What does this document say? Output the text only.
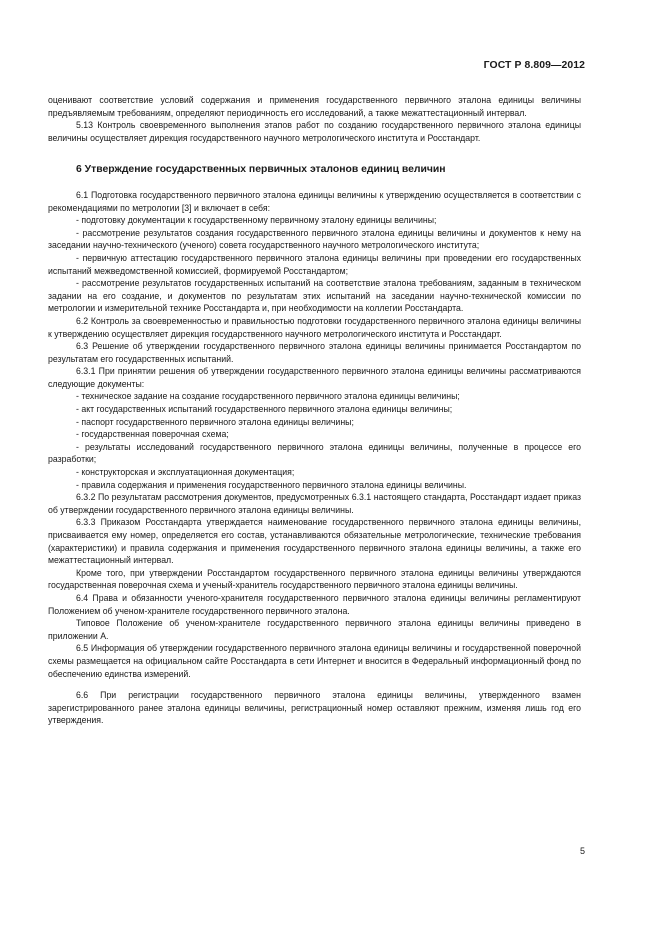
ГОСТ Р 8.809—2012

оценивают соответствие условий содержания и применения государственного первичного эталона единицы величины предъявляемым требованиям, определяют периодичность его исследований, а также межаттестационный интервал.

5.13 Контроль своевременного выполнения этапов работ по созданию государственного первичного эталона единицы величины осуществляет дирекция государственного научного метрологического института и Росстандарт.

6 Утверждение государственных первичных эталонов единиц величин

6.1 Подготовка государственного первичного эталона единицы величины к утверждению осуществляется в соответствии с рекомендациями по метрологии [3] и включает в себя:

- подготовку документации к государственному первичному эталону единицы величины;

- рассмотрение результатов создания государственного первичного эталона единицы величины и документов к нему на заседании научно-технического (ученого) совета государственного научного метрологического института;

- первичную аттестацию государственного первичного эталона единицы величины при проведении его государственных испытаний межведомственной комиссией, формируемой Росстандартом;

- рассмотрение результатов государственных испытаний на соответствие эталона требованиям, заданным в техническом задании на его создание, и документов по результатам этих испытаний на заседании научно-технической комиссии по метрологии и измерительной технике Росстандарта и, при необходимости на коллегии Росстандарта.

6.2 Контроль за своевременностью и правильностью подготовки государственного первичного эталона единицы величины к утверждению осуществляет дирекция государственного научного метрологического института и Росстандарт.

6.3 Решение об утверждении государственного первичного эталона единицы величины принимается Росстандартом по результатам его государственных испытаний.

6.3.1 При принятии решения об утверждении государственного первичного эталона единицы величины рассматриваются следующие документы:

- техническое задание на создание государственного первичного эталона единицы величины;

- акт государственных испытаний государственного первичного эталона единицы величины;

- паспорт государственного первичного эталона единицы величины;

- государственная поверочная схема;

- результаты исследований государственного первичного эталона единицы величины, полученные в процессе его разработки;

- конструкторская и эксплуатационная документация;

- правила содержания и применения государственного первичного эталона единицы величины.

6.3.2 По результатам рассмотрения документов, предусмотренных 6.3.1 настоящего стандарта, Росстандарт издает приказ об утверждении государственного первичного эталона единицы величины.

6.3.3 Приказом Росстандарта утверждается наименование государственного первичного эталона единицы величины, присваивается ему номер, определяется его состав, устанавливаются обязательные метрологические, технические требования (характеристики) и правила содержания и применения государственного первичного эталона единицы величины, а также его межаттестационный интервал.

Кроме того, при утверждении Росстандартом государственного первичного эталона единицы величины утверждаются государственная поверочная схема и ученый-хранитель государственного первичного эталона единицы величины.

6.4 Права и обязанности ученого-хранителя государственного первичного эталона единицы величины регламентируют Положением об ученом-хранителе государственного первичного эталона.

Типовое Положение об ученом-хранителе государственного первичного эталона единицы величины приведено в приложении А.

6.5 Информация об утверждении государственного первичного эталона единицы величины и государственной поверочной схемы размещается на официальном сайте Росстандарта в сети Интернет и вносится в Федеральный информационный фонд по обеспечению единства измерений.

6.6 При регистрации государственного первичного эталона единицы величины, утвержденного взамен зарегистрированного ранее эталона единицы величины, регистрационный номер оставляют прежним, изменяя лишь год его утверждения.

5
